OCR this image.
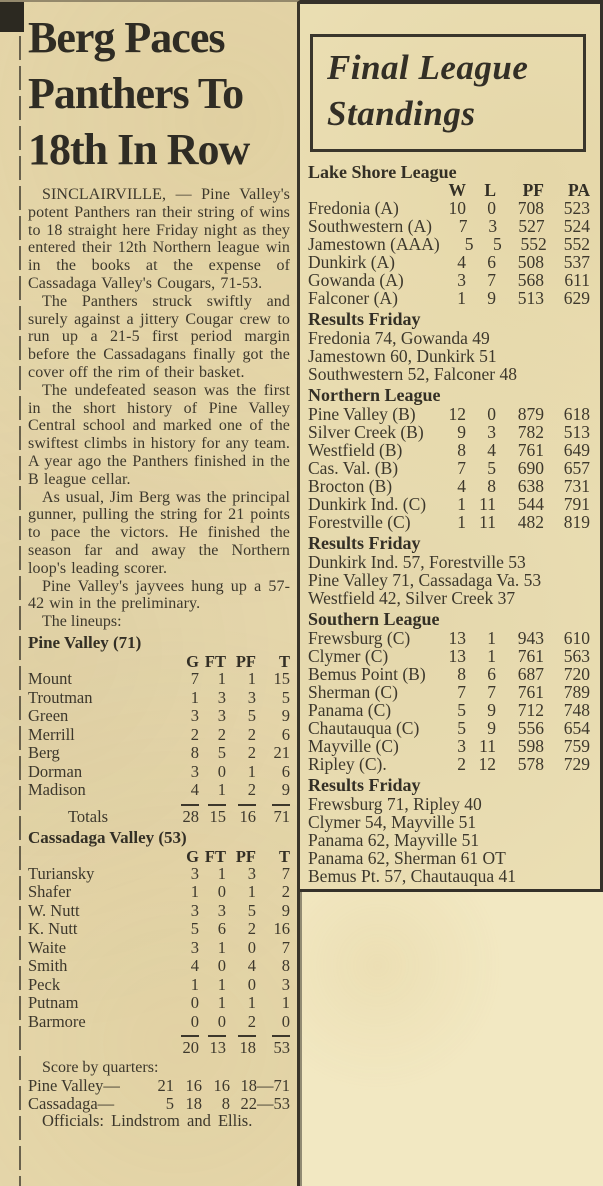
Berg Paces
Panthers To
18th In Row

SINCLAIRVILLE, — Pine Valley's potent Panthers ran their string of wins to 18 straight here Friday night as they entered their 12th Northern league win in the books at the expense of Cassadaga Valley's Cougars, 71-53.

The Panthers struck swiftly and surely against a jittery Cougar crew to run up a 21-5 first period margin before the Cassadagans finally got the cover off the rim of their basket.

The undefeated season was the first in the short history of Pine Valley Central school and marked one of the swiftest climbs in history for any team. A year ago the Panthers finished in the B league cellar.

As usual, Jim Berg was the principal gunner, pulling the string for 21 points to pace the victors. He finished the season far and away the Northern loop's leading scorer.

Pine Valley's jayvees hung up a 57-42 win in the preliminary.

The lineups:
Pine Valley (71)
G FT PF	T
Mount	7	1	1	15
Troutman	1	3	3	5
Green	3	3	5	9
Merrill	2	2	2	6
Berg	8	5	2	21
Dorman	3	0	1	6
Madison	4	1	2	9
Totals	28 15 16	71
Cassadaga Valley (53)
G FT PF	T
Turiansky	3	1	3	7
Shafer	1	0	1	2
W. Nutt	3	3	5	9
K. Nutt	5	6	2	16
Waite	3	1	0	7
Smith	4	0	4	8
Peck	1	1	0	3
Putnam	0	1	1	1
Barmore	0	0	2	0
20 13 18	53
Score by quarters:
Pine Valley—	21 16 16 18—71
Cassadaga—	5 18	8 22—53
Officials: Lindstrom and Ellis.
Final League
Standings
Lake Shore League
W	L	PF	PA
Fredonia (A)	10	0	708	523
Southwestern (A)	7	3	527	524
Jamestown (AAA)	5	5	552 552
Dunkirk (A)	4	6	508	537
Gowanda (A)	3	7	568	611
Falconer (A)	1	9	513	629
Results Friday
Fredonia 74, Gowanda 49
Jamestown 60, Dunkirk 51
Southwestern 52, Falconer 48
Northern League
Pine Valley (B)	12	0	879	618
Silver Creek (B)	9	3	782	513
Westfield (B)	8	4	761	649
Cas. Val. (B)	7	5	690	657
Brocton (B)	4	8	638	731
Dunkirk Ind. (C)	1 11	544	791
Forestville (C)	1 11	482	819
Results Friday
Dunkirk Ind. 57, Forestville 53
Pine Valley 71, Cassadaga Va. 53
Westfield 42, Silver Creek 37
Southern League
Frewsburg (C)	13	1	943	610
Clymer (C)	13	1	761	563
Bemus Point (B)	8	6	687	720
Sherman (C)	7	7	761	789
Panama (C)	5	9	712	748
Chautauqua (C)	5	9	556	654
Mayville (C)	3 11	598	759
Ripley (C).	2 12	578	729
Results Friday
Frewsburg 71, Ripley 40
Clymer 54, Mayville 51
Panama 62, Mayville 51
Panama 62, Sherman 61 OT
Bemus Pt. 57, Chautauqua 41
